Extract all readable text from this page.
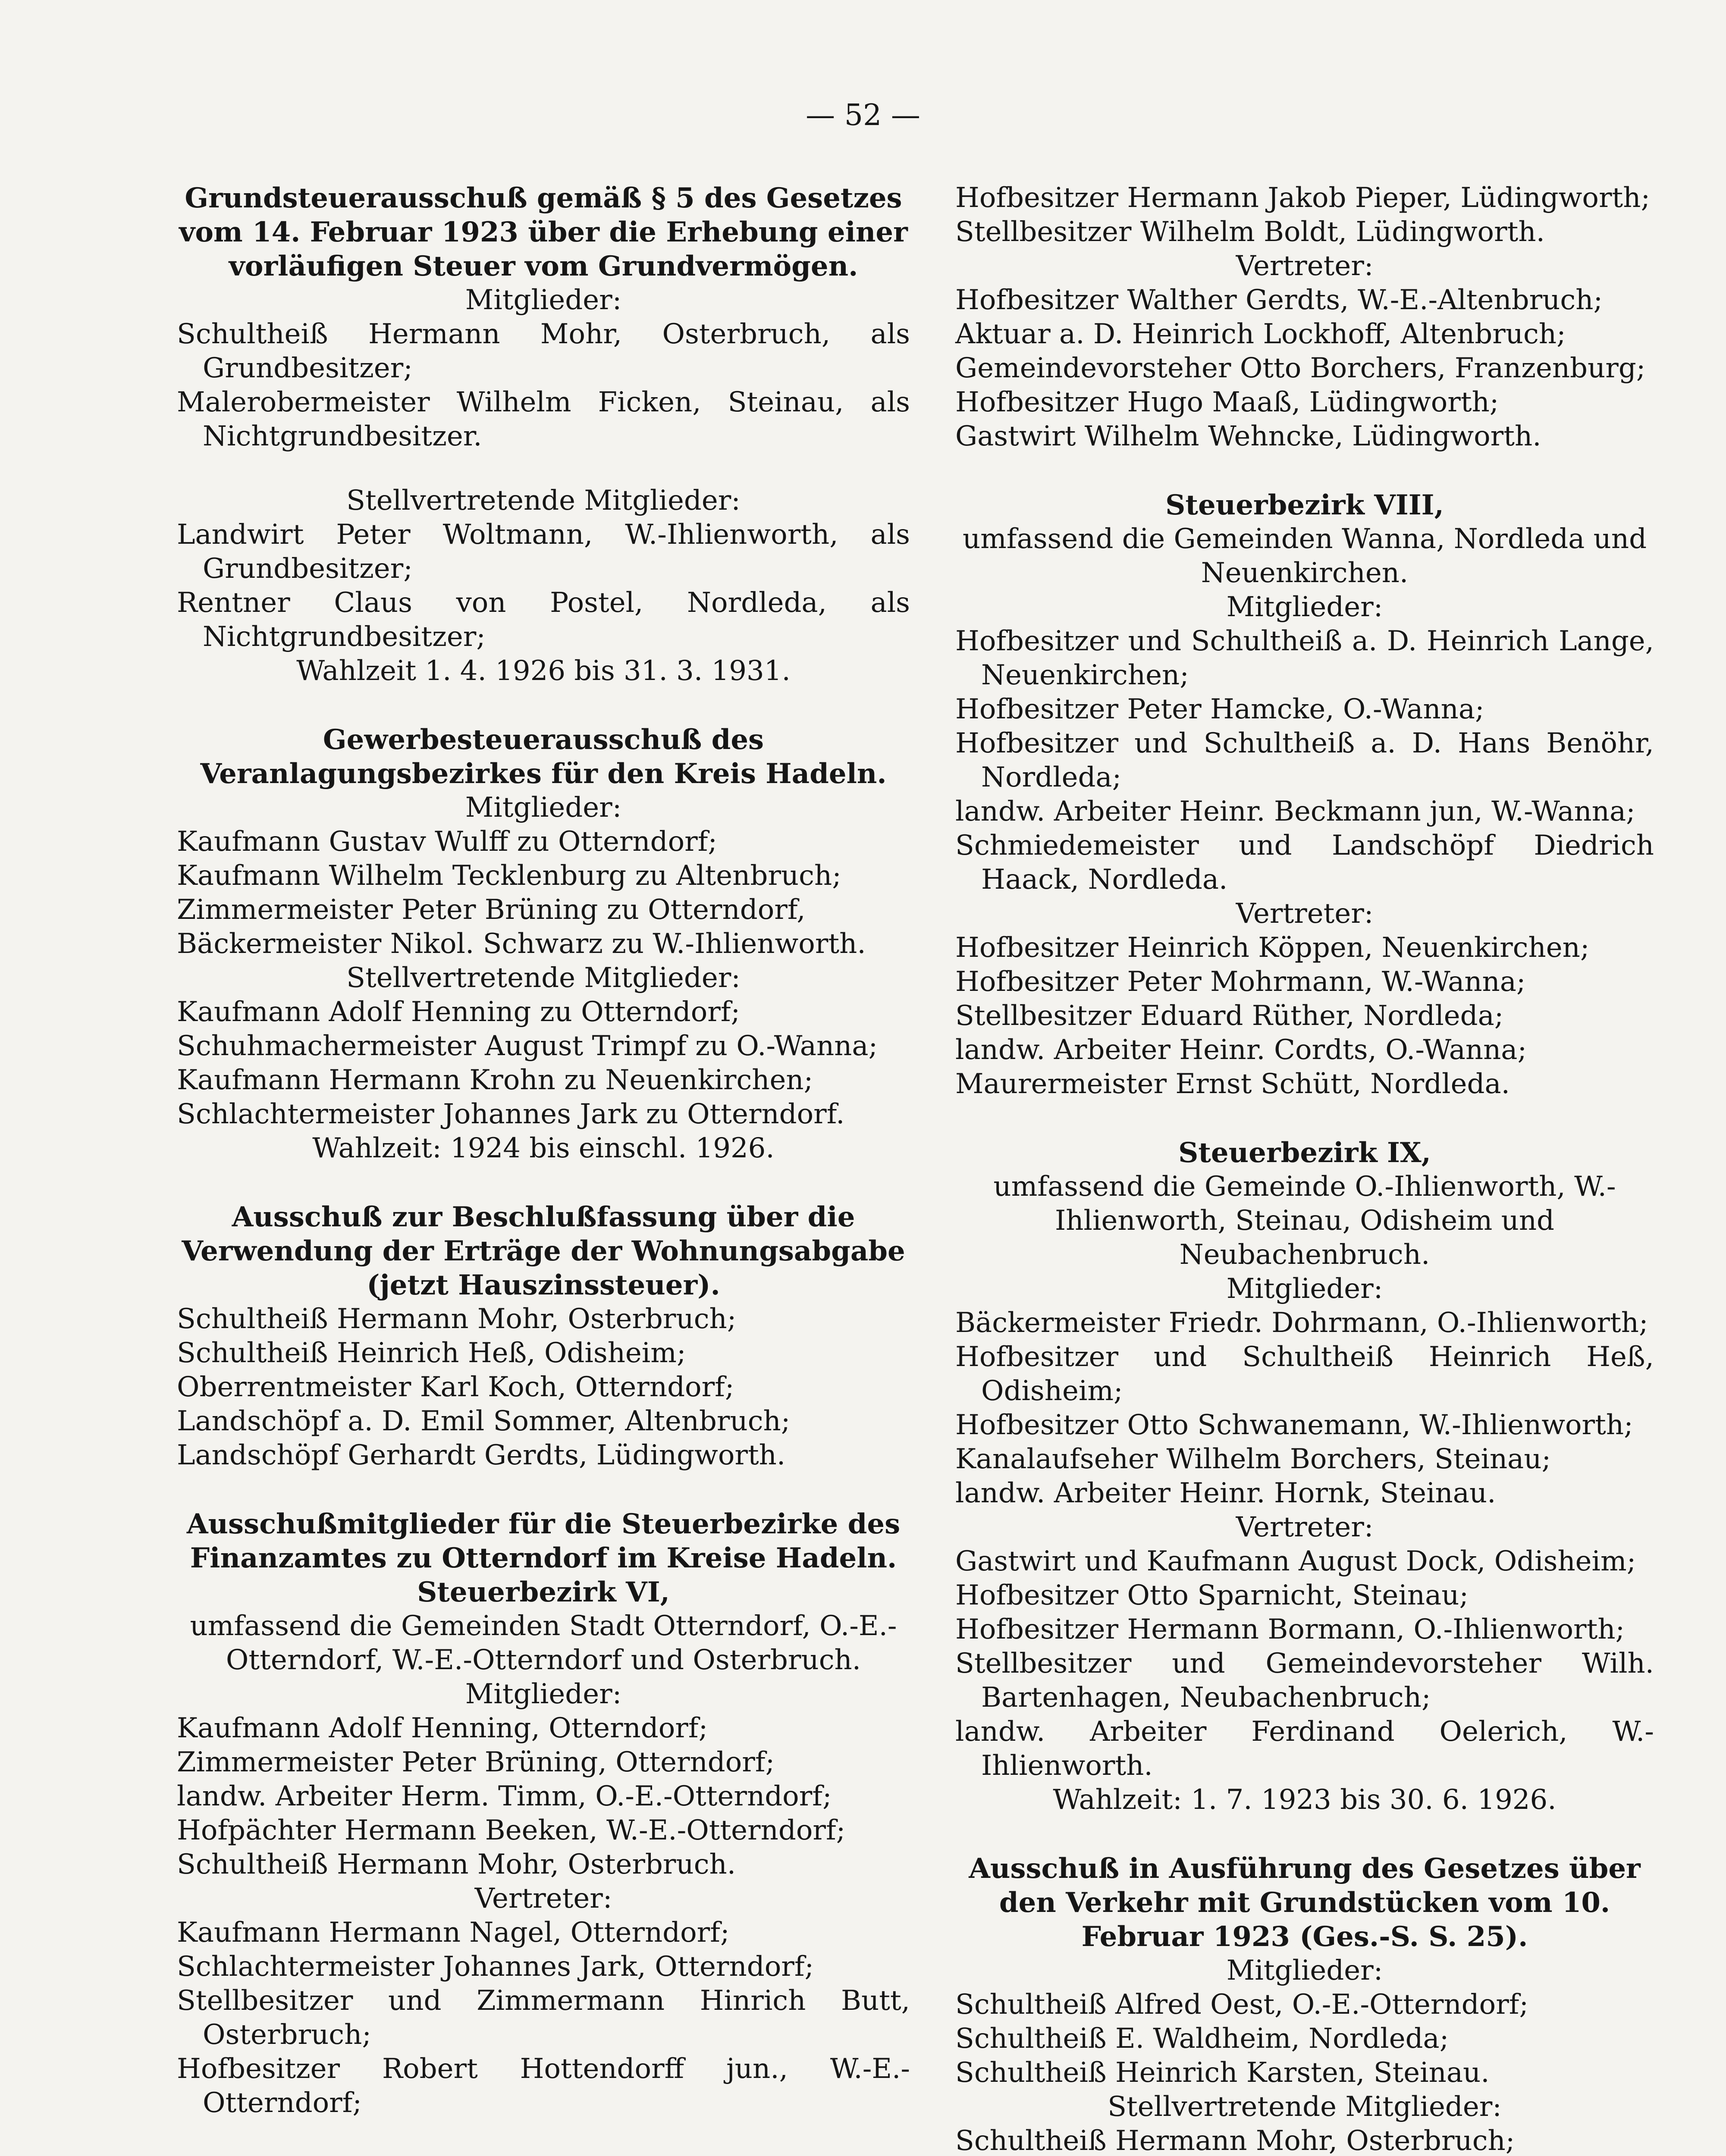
— 52 —

Grundsteuerausschuß gemäß § 5 des Gesetzes vom 14. Februar 1923 über die Erhebung einer vorläufigen Steuer vom Grundvermögen.

Mitglieder:

Schultheiß Hermann Mohr, Osterbruch, als Grundbesitzer;

Malerobermeister Wilhelm Ficken, Steinau, als Nichtgrundbesitzer.

Stellvertretende Mitglieder:

Landwirt Peter Woltmann, W.-Ihlienworth, als Grundbesitzer;

Rentner Claus von Postel, Nordleda, als Nichtgrundbesitzer;

Wahlzeit 1. 4. 1926 bis 31. 3. 1931.

Gewerbesteuerausschuß des Veranlagungsbezirkes für den Kreis Hadeln.

Mitglieder:

Kaufmann Gustav Wulff zu Otterndorf;

Kaufmann Wilhelm Tecklenburg zu Altenbruch;

Zimmermeister Peter Brüning zu Otterndorf,

Bäckermeister Nikol. Schwarz zu W.-Ihlienworth.

Stellvertretende Mitglieder:

Kaufmann Adolf Henning zu Otterndorf;

Schuhmachermeister August Trimpf zu O.-Wanna;

Kaufmann Hermann Krohn zu Neuenkirchen;

Schlachtermeister Johannes Jark zu Otterndorf.

Wahlzeit: 1924 bis einschl. 1926.

Ausschuß zur Beschlußfassung über die Verwendung der Erträge der Wohnungsabgabe (jetzt Hauszinssteuer).

Schultheiß Hermann Mohr, Osterbruch;

Schultheiß Heinrich Heß, Odisheim;

Oberrentmeister Karl Koch, Otterndorf;

Landschöpf a. D. Emil Sommer, Altenbruch;

Landschöpf Gerhardt Gerdts, Lüdingworth.

Ausschußmitglieder für die Steuerbezirke des Finanzamtes zu Otterndorf im Kreise Hadeln.

Steuerbezirk VI,

umfassend die Gemeinden Stadt Otterndorf, O.-E.-Otterndorf, W.-E.-Otterndorf und Osterbruch.

Mitglieder:

Kaufmann Adolf Henning, Otterndorf;

Zimmermeister Peter Brüning, Otterndorf;

landw. Arbeiter Herm. Timm, O.-E.-Otterndorf;

Hofpächter Hermann Beeken, W.-E.-Otterndorf;

Schultheiß Hermann Mohr, Osterbruch.

Vertreter:

Kaufmann Hermann Nagel, Otterndorf;

Schlachtermeister Johannes Jark, Otterndorf;

Stellbesitzer und Zimmermann Hinrich Butt, Osterbruch;

Hofbesitzer Robert Hottendorff jun., W.-E.-Otterndorf;

Hofbesitzer Hermann Jakob Pieper, Lüdingworth;

Stellbesitzer Wilhelm Boldt, Lüdingworth.

Vertreter:

Hofbesitzer Walther Gerdts, W.-E.-Altenbruch;

Aktuar a. D. Heinrich Lockhoff, Altenbruch;

Gemeindevorsteher Otto Borchers, Franzenburg;

Hofbesitzer Hugo Maaß, Lüdingworth;

Gastwirt Wilhelm Wehncke, Lüdingworth.

Steuerbezirk VIII,

umfassend die Gemeinden Wanna, Nordleda und Neuenkirchen.

Mitglieder:

Hofbesitzer und Schultheiß a. D. Heinrich Lange, Neuenkirchen;

Hofbesitzer Peter Hamcke, O.-Wanna;

Hofbesitzer und Schultheiß a. D. Hans Benöhr, Nordleda;

landw. Arbeiter Heinr. Beckmann jun, W.-Wanna;

Schmiedemeister und Landschöpf Diedrich Haack, Nordleda.

Vertreter:

Hofbesitzer Heinrich Köppen, Neuenkirchen;

Hofbesitzer Peter Mohrmann, W.-Wanna;

Stellbesitzer Eduard Rüther, Nordleda;

landw. Arbeiter Heinr. Cordts, O.-Wanna;

Maurermeister Ernst Schütt, Nordleda.

Steuerbezirk IX,

umfassend die Gemeinde O.-Ihlienworth, W.-Ihlienworth, Steinau, Odisheim und Neubachenbruch.

Mitglieder:

Bäckermeister Friedr. Dohrmann, O.-Ihlienworth;

Hofbesitzer und Schultheiß Heinrich Heß, Odisheim;

Hofbesitzer Otto Schwanemann, W.-Ihlienworth;

Kanalaufseher Wilhelm Borchers, Steinau;

landw. Arbeiter Heinr. Hornk, Steinau.

Vertreter:

Gastwirt und Kaufmann August Dock, Odisheim;

Hofbesitzer Otto Sparnicht, Steinau;

Hofbesitzer Hermann Bormann, O.-Ihlienworth;

Stellbesitzer und Gemeindevorsteher Wilh. Bartenhagen, Neubachenbruch;

landw. Arbeiter Ferdinand Oelerich, W.-Ihlienworth.

Wahlzeit: 1. 7. 1923 bis 30. 6. 1926.

Ausschuß in Ausführung des Gesetzes über den Verkehr mit Grundstücken vom 10. Februar 1923 (Ges.-S. S. 25).

Mitglieder:

Schultheiß Alfred Oest, O.-E.-Otterndorf;

Schultheiß E. Waldheim, Nordleda;

Schultheiß Heinrich Karsten, Steinau.

Stellvertretende Mitglieder:

Schultheiß Hermann Mohr, Osterbruch;
